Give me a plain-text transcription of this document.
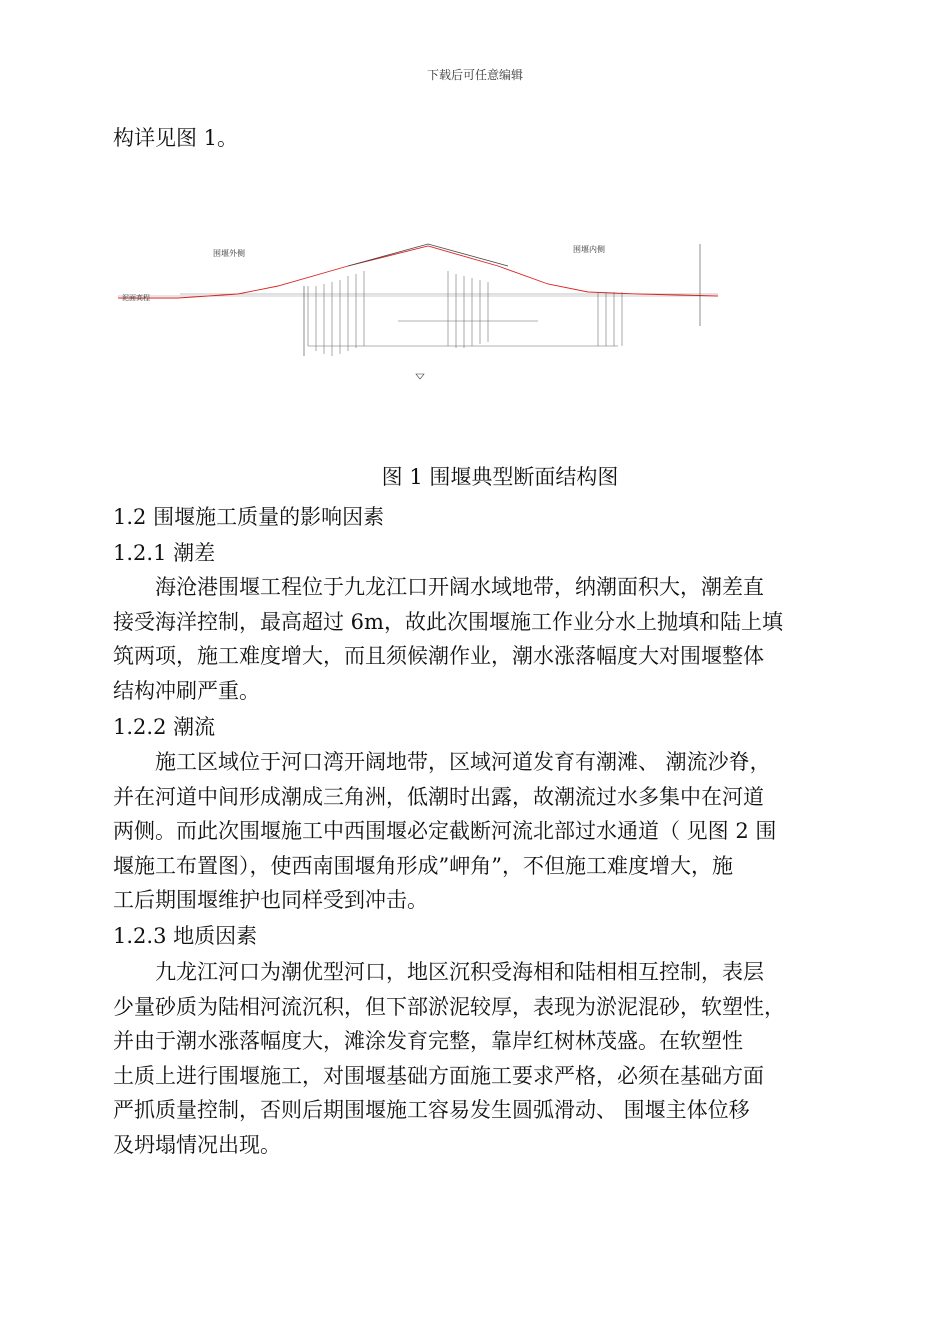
下载后可任意编辑
构详见图 1。
围堰外侧	围堰内侧
泥面高程
图 1 围堰典型断面结构图
1.2 围堰施工质量的影响因素
1.2.1 潮差
　　海沧港围堰工程位于九龙江口开阔水域地带，纳潮面积大，潮差直
接受海洋控制，最高超过 6m，故此次围堰施工作业分水上抛填和陆上填
筑两项，施工难度增大，而且须候潮作业，潮水涨落幅度大对围堰整体
结构冲刷严重。
1.2.2 潮流
　　施工区域位于河口湾开阔地带，区域河道发育有潮滩、 潮流沙脊，
并在河道中间形成潮成三角洲，低潮时出露，故潮流过水多集中在河道
两侧。而此次围堰施工中西围堰必定截断河流北部过水通道（ 见图 2 围
堰施工布置图），使西南围堰角形成”岬角”，不但施工难度增大，施
工后期围堰维护也同样受到冲击。
1.2.3 地质因素
　　九龙江河口为潮优型河口，地区沉积受海相和陆相相互控制，表层
少量砂质为陆相河流沉积，但下部淤泥较厚，表现为淤泥混砂，软塑性，
并由于潮水涨落幅度大，滩涂发育完整，靠岸红树林茂盛。在软塑性
土质上进行围堰施工，对围堰基础方面施工要求严格，必须在基础方面
严抓质量控制，否则后期围堰施工容易发生圆弧滑动、 围堰主体位移
及坍塌情况出现。
